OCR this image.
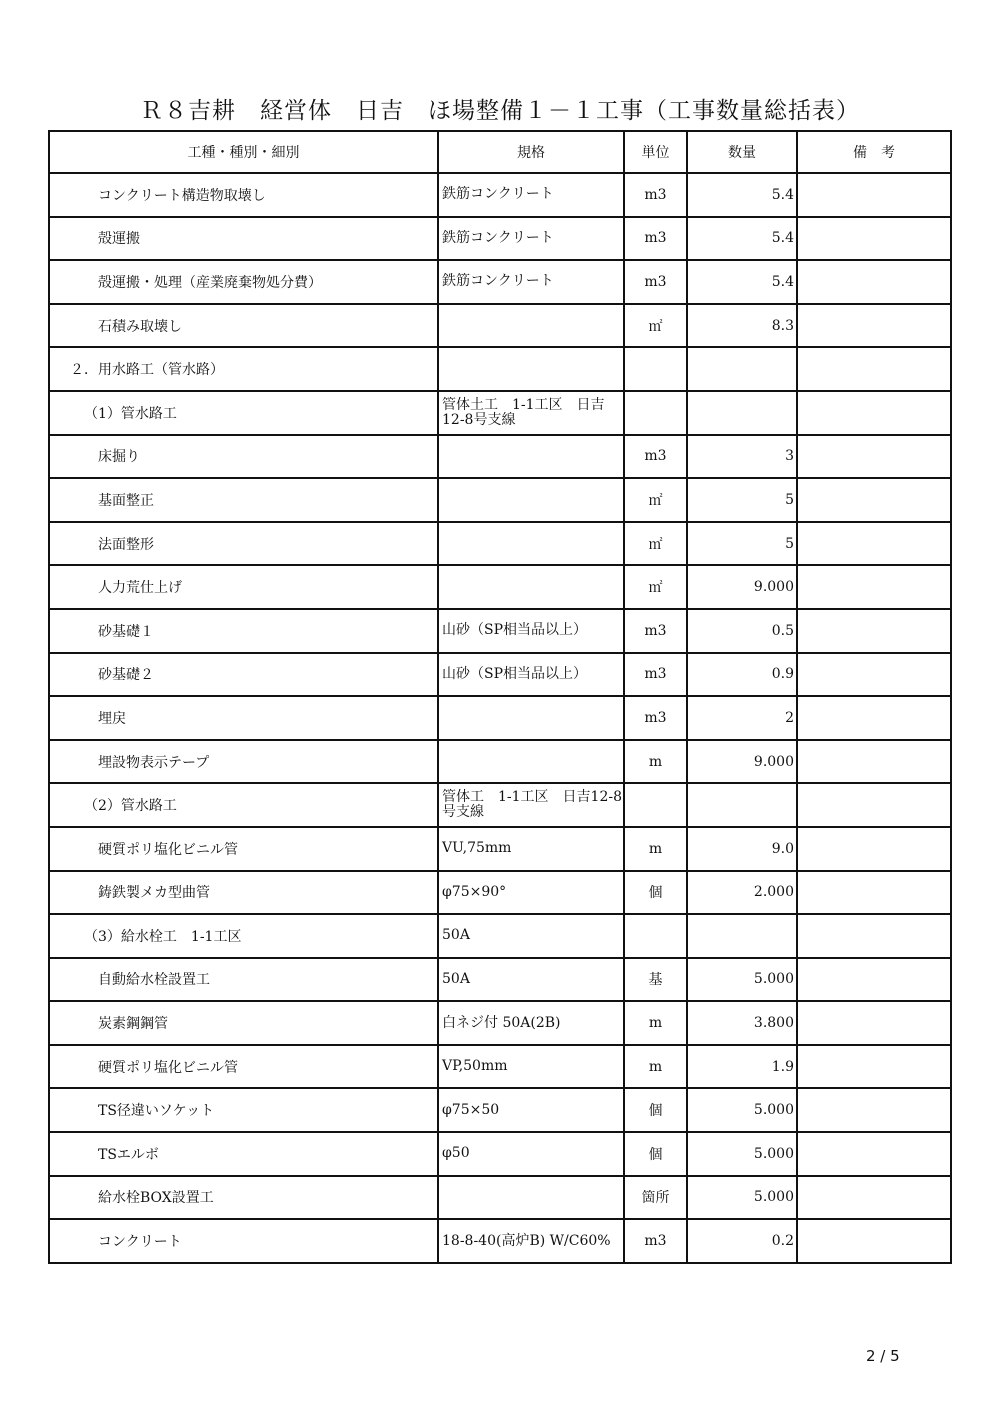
Ｒ８吉耕　経営体　日吉　ほ場整備１－１工事（工事数量総括表）
工種・種別・細別	規格	単位	数量	備　考
コンクリート構造物取壊し	鉄筋コンクリート	m3	5.4	
殻運搬	鉄筋コンクリート	m3	5.4	
殻運搬・処理（産業廃棄物処分費）	鉄筋コンクリート	m3	5.4	
石積み取壊し		㎡	8.3	
２．用水路工（管水路）				
（1）管水路工	管体土工　1-1工区　日吉12-8号支線			
床掘り		m3	3	
基面整正		㎡	5	
法面整形		㎡	5	
人力荒仕上げ		㎡	9.000	
砂基礎１	山砂（SP相当品以上）	m3	0.5	
砂基礎２	山砂（SP相当品以上）	m3	0.9	
埋戻		m3	2	
埋設物表示テープ		m	9.000	
（2）管水路工	管体工　1-1工区　日吉12-8号支線			
硬質ポリ塩化ビニル管	VU,75mm	m	9.0	
鋳鉄製メカ型曲管	φ75×90°	個	2.000	
（3）給水栓工　1-1工区	50A			
自動給水栓設置工	50A	基	5.000	
炭素鋼鋼管	白ネジ付 50A(2B)	m	3.800	
硬質ポリ塩化ビニル管	VP,50mm	m	1.9	
TS径違いソケット	φ75×50	個	5.000	
TSエルボ	φ50	個	5.000	
給水栓BOX設置工		箇所	5.000	
コンクリート	18-8-40(高炉B) W/C60%	m3	0.2	
2 / 5
